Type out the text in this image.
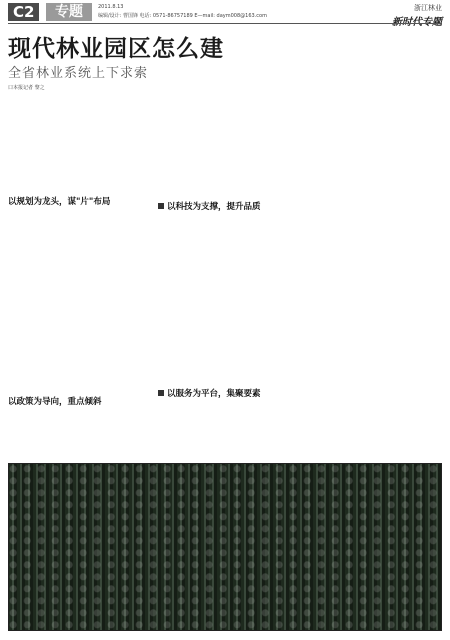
C2	专题	2011.8.13
编辑/设计: 曹国锋 电话: 0571-86757189 E—mail: daym008@163.com
浙江林业
现代林业园区怎么建
全省林业系统上下求索
口本报记者 黎之
以规划为龙头，谋"片"布局	以科技为支撑，提升品质
以政策为导向，重点倾斜
以服务为平台，集聚要素
